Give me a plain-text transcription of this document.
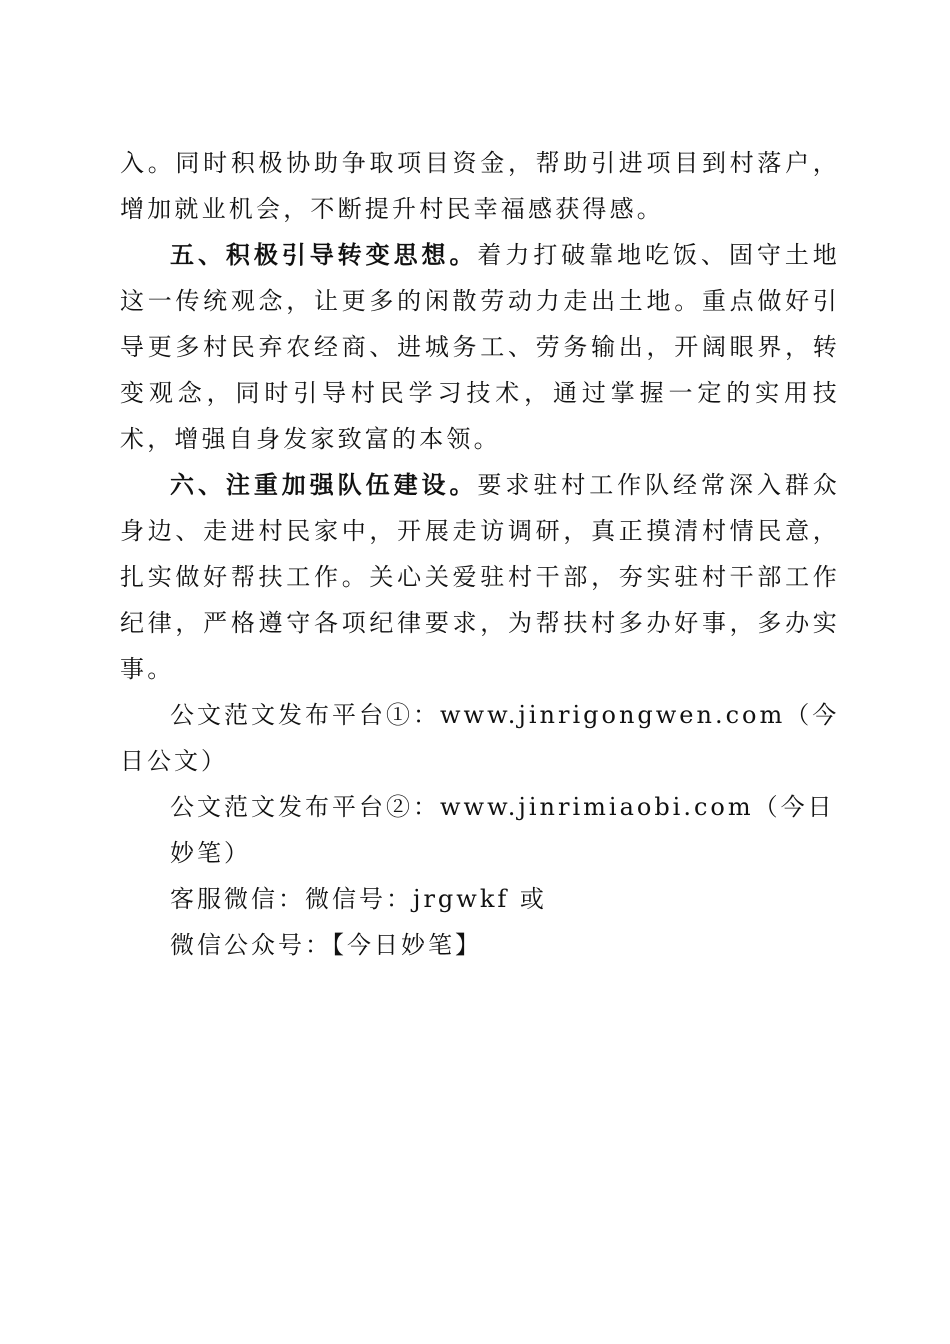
入。同时积极协助争取项目资金，帮助引进项目到村落户，增加就业机会，不断提升村民幸福感获得感。

五、积极引导转变思想。着力打破靠地吃饭、固守土地这一传统观念，让更多的闲散劳动力走出土地。重点做好引导更多村民弃农经商、进城务工、劳务输出，开阔眼界，转变观念，同时引导村民学习技术，通过掌握一定的实用技术，增强自身发家致富的本领。

六、注重加强队伍建设。要求驻村工作队经常深入群众身边、走进村民家中，开展走访调研，真正摸清村情民意，扎实做好帮扶工作。关心关爱驻村干部，夯实驻村干部工作纪律，严格遵守各项纪律要求，为帮扶村多办好事，多办实事。

公文范文发布平台①：www.jinrigongwen.com（今日公文）

公文范文发布平台②：www.jinrimiaobi.com（今日妙笔）

客服微信：微信号：jrgwkf 或

微信公众号：【今日妙笔】
